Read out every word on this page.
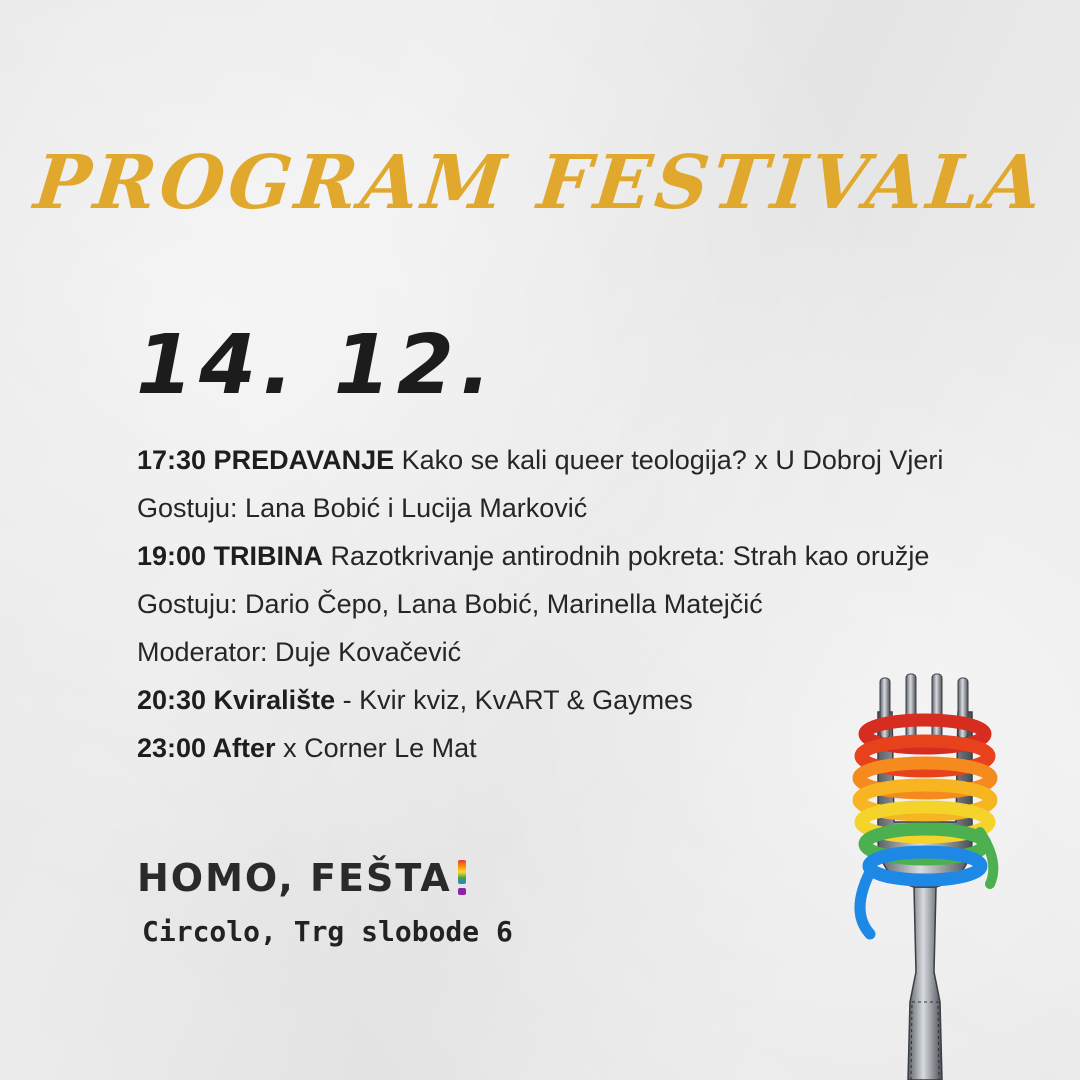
PROGRAM FESTIVALA
14. 12.
17:30 PREDAVANJE Kako se kali queer teologija? x U Dobroj Vjeri
Gostuju: Lana Bobić i Lucija Marković
19:00 TRIBINA Razotkrivanje antirodnih pokreta: Strah kao oružje
Gostuju: Dario Čepo, Lana Bobić, Marinella Matejčić
Moderator: Duje Kovačević
20:30 Kviralište - Kvir kviz, KvART & Gaymes
23:00 After x Corner Le Mat
HOMO, FEŠTA
Circolo, Trg slobode 6
